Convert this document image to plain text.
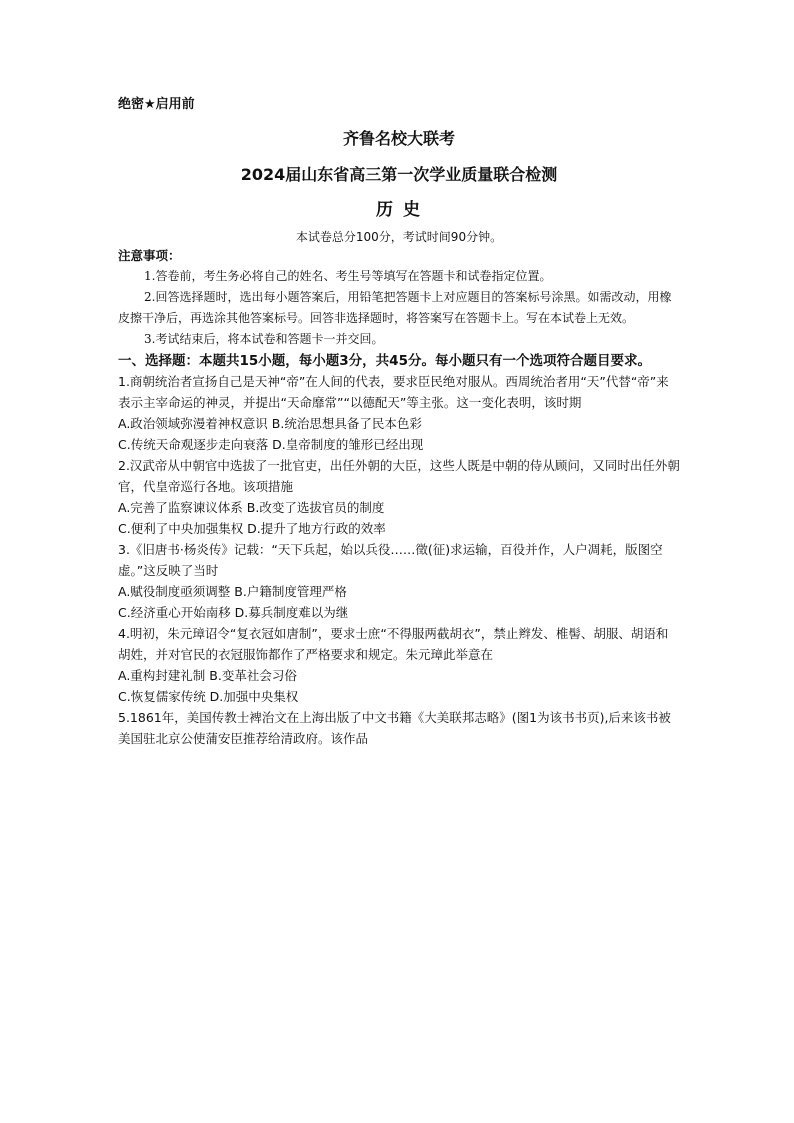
绝密★启用前
齐鲁名校大联考
2024届山东省高三第一次学业质量联合检测
历 史
本试卷总分100分，考试时间90分钟。
注意事项：
1.答卷前，考生务必将自己的姓名、考生号等填写在答题卡和试卷指定位置。
2.回答选择题时，选出每小题答案后，用铅笔把答题卡上对应题目的答案标号涂黑。如需改动，用橡皮擦干净后，再选涂其他答案标号。回答非选择题时，将答案写在答题卡上。写在本试卷上无效。
3.考试结束后，将本试卷和答题卡一并交回。
一、选择题：本题共15小题，每小题3分，共45分。每小题只有一个选项符合题目要求。
1.商朝统治者宣扬自己是天神“帝”在人间的代表，要求臣民绝对服从。西周统治者用“天”代替“帝”来表示主宰命运的神灵，并提出“天命靡常”“以德配天”等主张。这一变化表明，该时期
A.政治领域弥漫着神权意识 B.统治思想具备了民本色彩
C.传统天命观逐步走向衰落 D.皇帝制度的雏形已经出现
2.汉武帝从中朝官中选拔了一批官吏，出任外朝的大臣，这些人既是中朝的侍从顾问，又同时出任外朝官，代皇帝巡行各地。该项措施
A.完善了监察谏议体系 B.改变了选拔官员的制度
C.便利了中央加强集权 D.提升了地方行政的效率
3.《旧唐书·杨炎传》记载：“天下兵起，始以兵役……徵(征)求运输，百役并作，人户凋耗，版图空虚。”这反映了当时
A.赋役制度亟须调整 B.户籍制度管理严格
C.经济重心开始南移 D.募兵制度难以为继
4.明初，朱元璋诏令“复衣冠如唐制”，要求士庶“不得服两截胡衣”，禁止辫发、椎髻、胡服、胡语和胡姓，并对官民的衣冠服饰都作了严格要求和规定。朱元璋此举意在
A.重构封建礼制 B.变革社会习俗
C.恢复儒家传统 D.加强中央集权
5.1861年，美国传教士裨治文在上海出版了中文书籍《大美联邦志略》(图1为该书书页),后来该书被美国驻北京公使蒲安臣推荐给清政府。该作品
